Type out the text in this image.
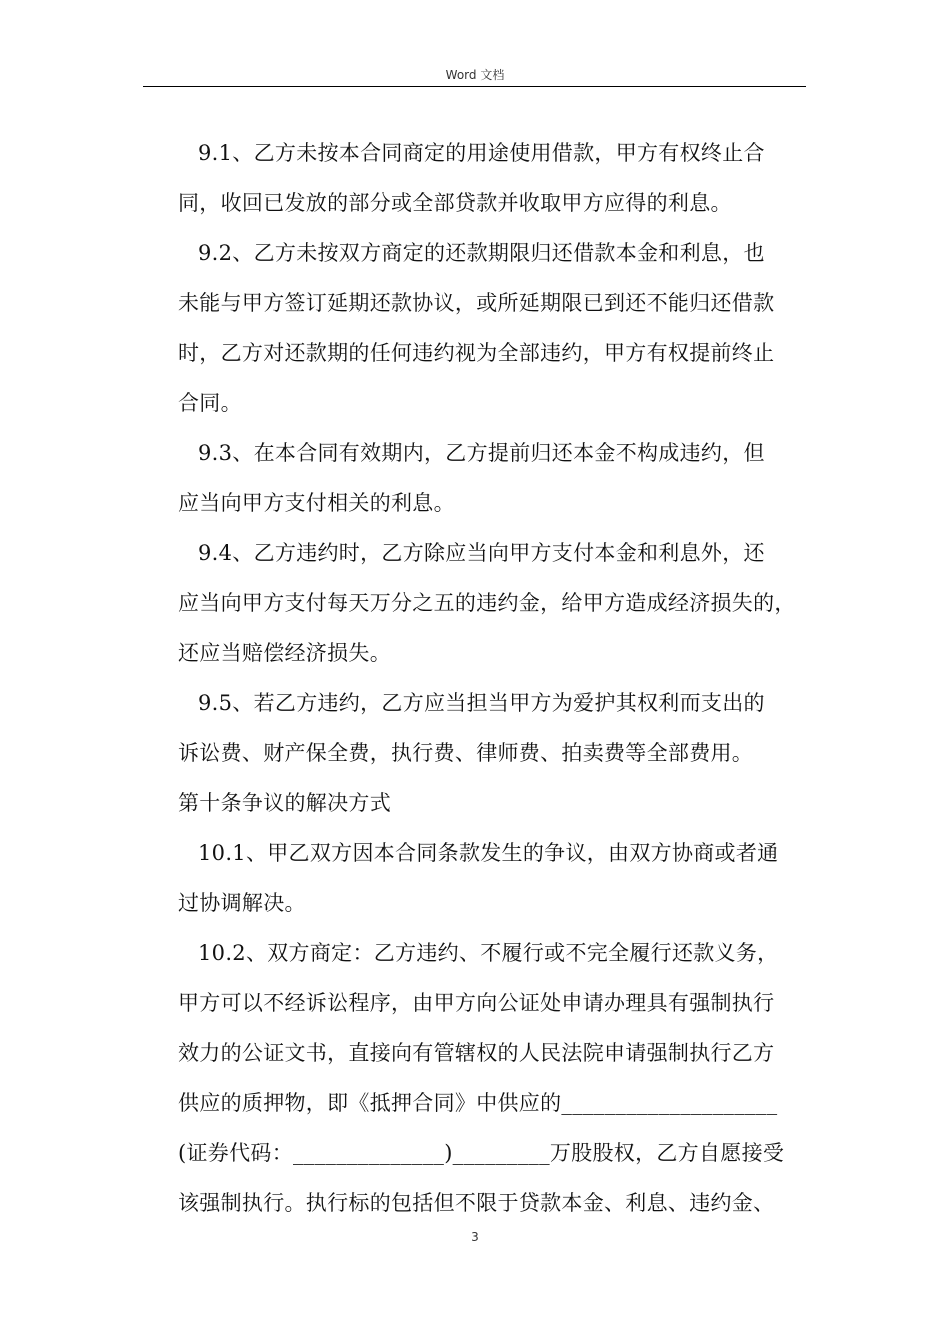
Word 文档
9.1、乙方未按本合同商定的用途使用借款，甲方有权终止合
同，收回已发放的部分或全部贷款并收取甲方应得的利息。
9.2、乙方未按双方商定的还款期限归还借款本金和利息，也
未能与甲方签订延期还款协议，或所延期限已到还不能归还借款
时，乙方对还款期的任何违约视为全部违约，甲方有权提前终止
合同。
9.3、在本合同有效期内，乙方提前归还本金不构成违约，但
应当向甲方支付相关的利息。
9.4、乙方违约时，乙方除应当向甲方支付本金和利息外，还
应当向甲方支付每天万分之五的违约金，给甲方造成经济损失的，
还应当赔偿经济损失。
9.5、若乙方违约，乙方应当担当甲方为爱护其权利而支出的
诉讼费、财产保全费，执行费、律师费、拍卖费等全部费用。
第十条争议的解决方式
10.1、甲乙双方因本合同条款发生的争议，由双方协商或者通
过协调解决。
10.2、双方商定：乙方违约、不履行或不完全履行还款义务，
甲方可以不经诉讼程序，由甲方向公证处申请办理具有强制执行
效力的公证文书，直接向有管辖权的人民法院申请强制执行乙方
供应的质押物，即《抵押合同》中供应的____________________
(证券代码：______________)_________万股股权，乙方自愿接受
该强制执行。执行标的包括但不限于贷款本金、利息、违约金、
3
